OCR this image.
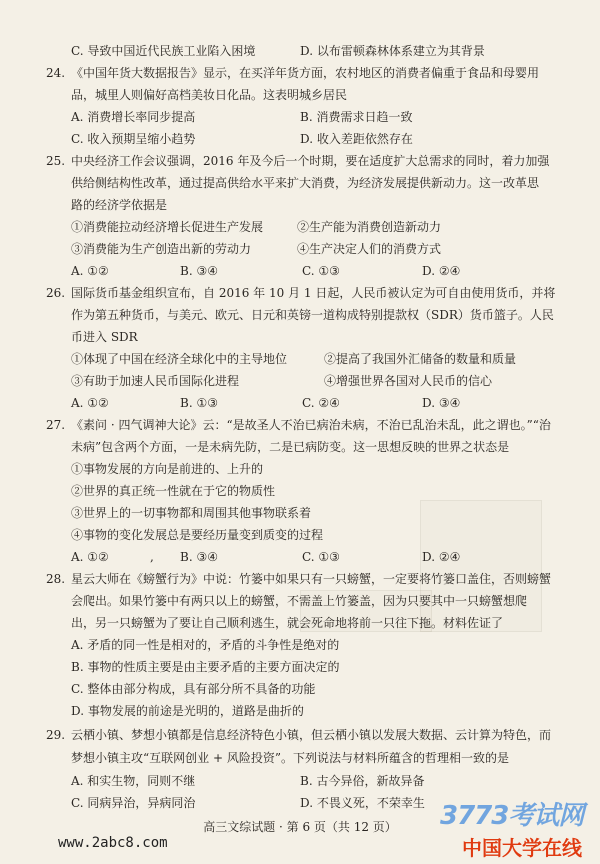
C. 导致中国近代民族工业陷入困境	D. 以布雷顿森林体系建立为其背景
24. 《中国年货大数据报告》显示，在买洋年货方面，农村地区的消费者偏重于食品和母婴用
品，城里人则偏好高档美妆日化品。这表明城乡居民
A. 消费增长率同步提高	B. 消费需求日趋一致
C. 收入预期呈缩小趋势	D. 收入差距依然存在
25. 中央经济工作会议强调，2016 年及今后一个时期，要在适度扩大总需求的同时，着力加强
供给侧结构性改革，通过提高供给水平来扩大消费，为经济发展提供新动力。这一改革思
路的经济学依据是
①消费能拉动经济增长促进生产发展	②生产能为消费创造新动力
③消费能为生产创造出新的劳动力	④生产决定人们的消费方式
A. ①②	B. ③④	C. ①③	D. ②④
26. 国际货币基金组织宣布，自 2016 年 10 月 1 日起，人民币被认定为可自由使用货币，并将
作为第五种货币，与美元、欧元、日元和英镑一道构成特别提款权（SDR）货币篮子。人民
币进入 SDR
①体现了中国在经济全球化中的主导地位	②提高了我国外汇储备的数量和质量
③有助于加速人民币国际化进程	④增强世界各国对人民币的信心
A. ①②	B. ①③	C. ②④	D. ③④
27. 《素问 · 四气调神大论》云：“是故圣人不治已病治未病，不治已乱治未乱，此之谓也。”“治
未病”包含两个方面，一是未病先防，二是已病防变。这一思想反映的世界之状态是
①事物发展的方向是前进的、上升的
②世界的真正统一性就在于它的物质性
③世界上的一切事物都和周围其他事物联系着
④事物的变化发展总是要经历量变到质变的过程
A. ①②	, B. ③④	C. ①③	D. ②④
28. 星云大师在《螃蟹行为》中说：竹篓中如果只有一只螃蟹，一定要将竹篓口盖住，否则螃蟹
会爬出。如果竹篓中有两只以上的螃蟹，不需盖上竹篓盖，因为只要其中一只螃蟹想爬
出，另一只螃蟹为了要让自己顺利逃生，就会死命地将前一只往下拖。材料佐证了
A. 矛盾的同一性是相对的，矛盾的斗争性是绝对的
B. 事物的性质主要是由主要矛盾的主要方面决定的
C. 整体由部分构成，具有部分所不具备的功能
D. 事物发展的前途是光明的，道路是曲折的
29. 云栖小镇、梦想小镇都是信息经济特色小镇，但云栖小镇以发展大数据、云计算为特色，而
梦想小镇主攻“互联网创业 + 风险投资”。下列说法与材料所蕴含的哲理相一致的是
A. 和实生物，同则不继	B. 古今异俗，新故异备
C. 同病异治，异病同治	D. 不畏义死，不荣幸生
高三文综试题 · 第 6 页（共 12 页）
www.2abc8.com
3773考试网
中国大学在线
